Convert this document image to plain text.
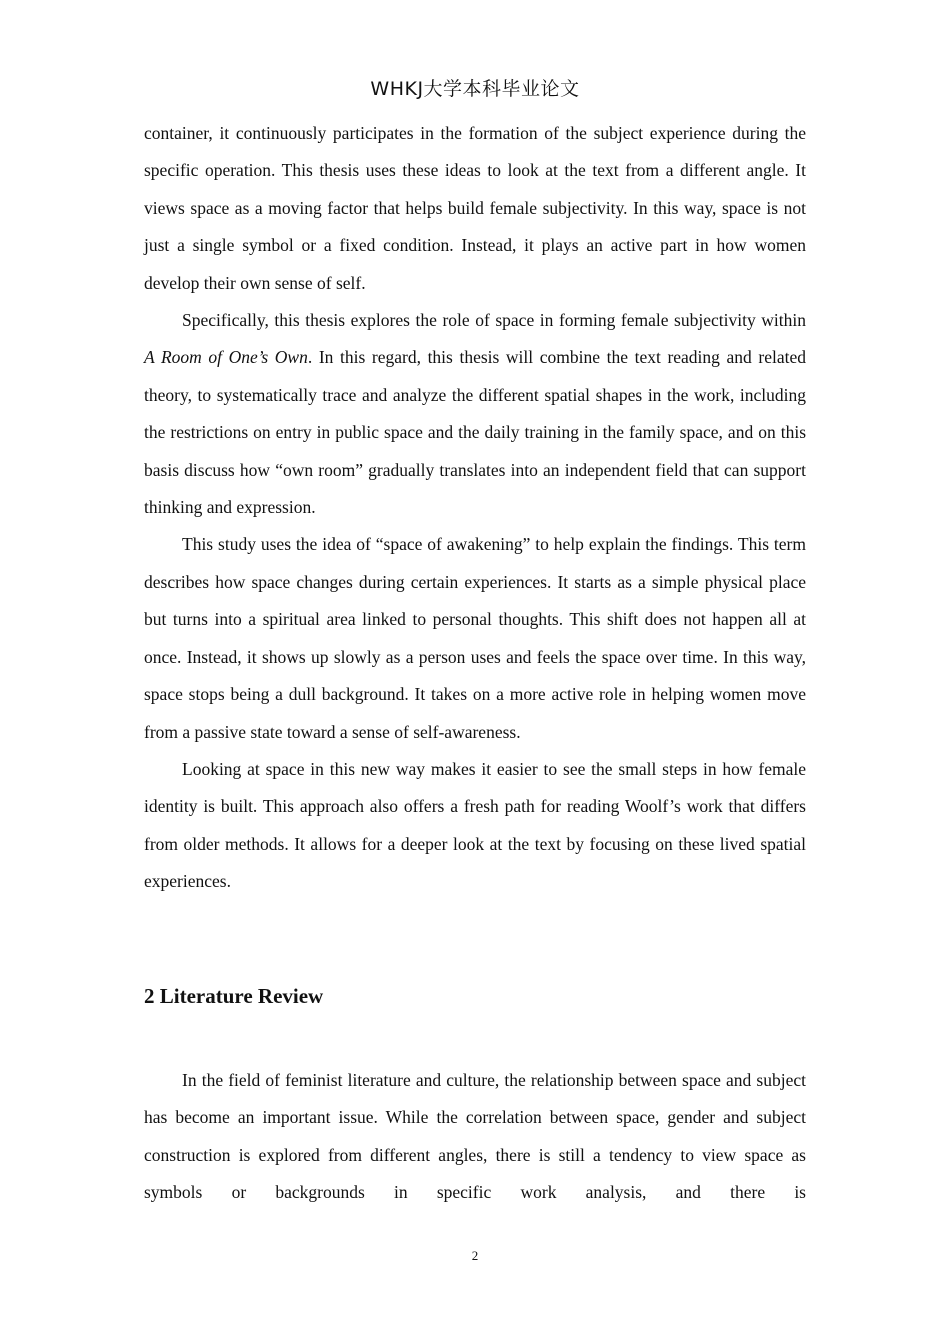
WHKJ大学本科毕业论文

container, it continuously participates in the formation of the subject experience during the specific operation. This thesis uses these ideas to look at the text from a different angle. It views space as a moving factor that helps build female subjectivity. In this way, space is not just a single symbol or a fixed condition. Instead, it plays an active part in how women develop their own sense of self.

Specifically, this thesis explores the role of space in forming female subjectivity within A Room of One’s Own. In this regard, this thesis will combine the text reading and related theory, to systematically trace and analyze the different spatial shapes in the work, including the restrictions on entry in public space and the daily training in the family space, and on this basis discuss how “own room” gradually translates into an independent field that can support thinking and expression.

This study uses the idea of “space of awakening” to help explain the findings. This term describes how space changes during certain experiences. It starts as a simple physical place but turns into a spiritual area linked to personal thoughts. This shift does not happen all at once. Instead, it shows up slowly as a person uses and feels the space over time. In this way, space stops being a dull background. It takes on a more active role in helping women move from a passive state toward a sense of self-awareness.

Looking at space in this new way makes it easier to see the small steps in how female identity is built. This approach also offers a fresh path for reading Woolf’s work that differs from older methods. It allows for a deeper look at the text by focusing on these lived spatial experiences.

2 Literature Review

In the field of feminist literature and culture, the relationship between space and subject has become an important issue. While the correlation between space, gender and subject construction is explored from different angles, there is still a tendency to view space as symbols or backgrounds in specific work analysis, and there is

2
